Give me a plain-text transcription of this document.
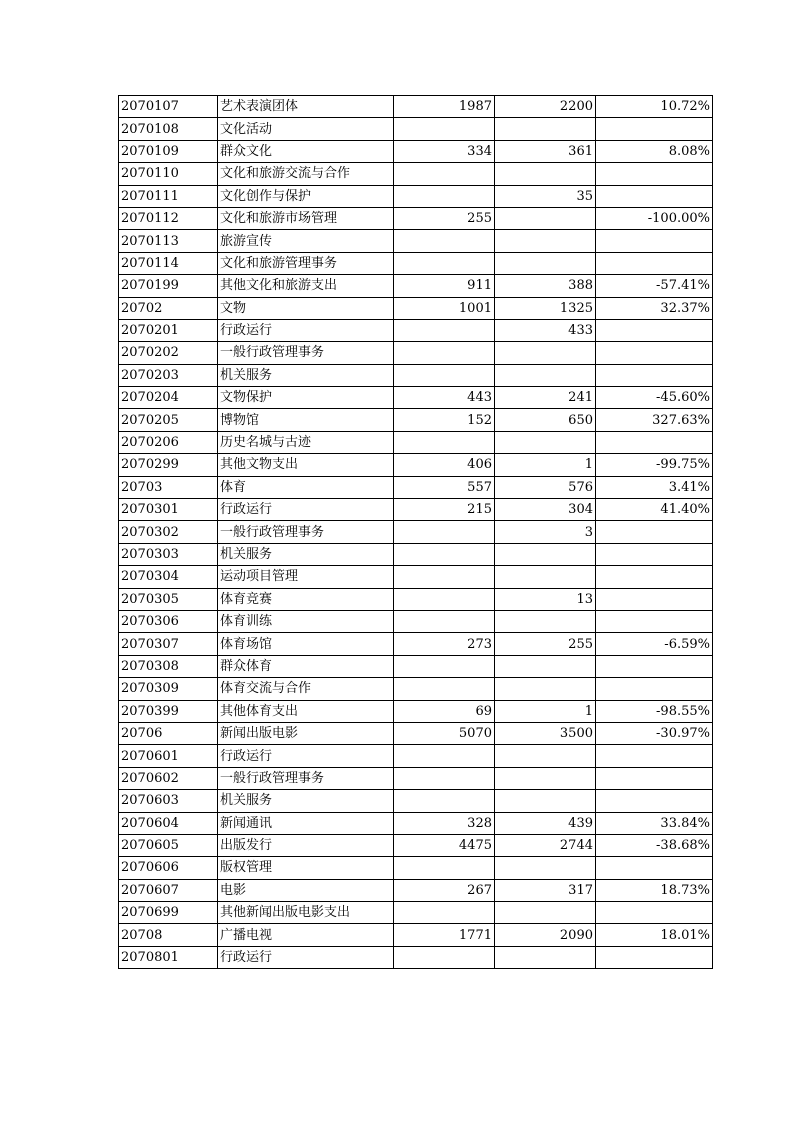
2070107	艺术表演团体	1987	2200	10.72%
2070108	文化活动			
2070109	群众文化	334	361	8.08%
2070110	文化和旅游交流与合作			
2070111	文化创作与保护		35	
2070112	文化和旅游市场管理	255		-100.00%
2070113	旅游宣传			
2070114	文化和旅游管理事务			
2070199	其他文化和旅游支出	911	388	-57.41%
20702	文物	1001	1325	32.37%
2070201	行政运行		433	
2070202	一般行政管理事务			
2070203	机关服务			
2070204	文物保护	443	241	-45.60%
2070205	博物馆	152	650	327.63%
2070206	历史名城与古迹			
2070299	其他文物支出	406	1	-99.75%
20703	体育	557	576	3.41%
2070301	行政运行	215	304	41.40%
2070302	一般行政管理事务		3	
2070303	机关服务			
2070304	运动项目管理			
2070305	体育竞赛		13	
2070306	体育训练			
2070307	体育场馆	273	255	-6.59%
2070308	群众体育			
2070309	体育交流与合作			
2070399	其他体育支出	69	1	-98.55%
20706	新闻出版电影	5070	3500	-30.97%
2070601	行政运行			
2070602	一般行政管理事务			
2070603	机关服务			
2070604	新闻通讯	328	439	33.84%
2070605	出版发行	4475	2744	-38.68%
2070606	版权管理			
2070607	电影	267	317	18.73%
2070699	其他新闻出版电影支出			
20708	广播电视	1771	2090	18.01%
2070801	行政运行			
